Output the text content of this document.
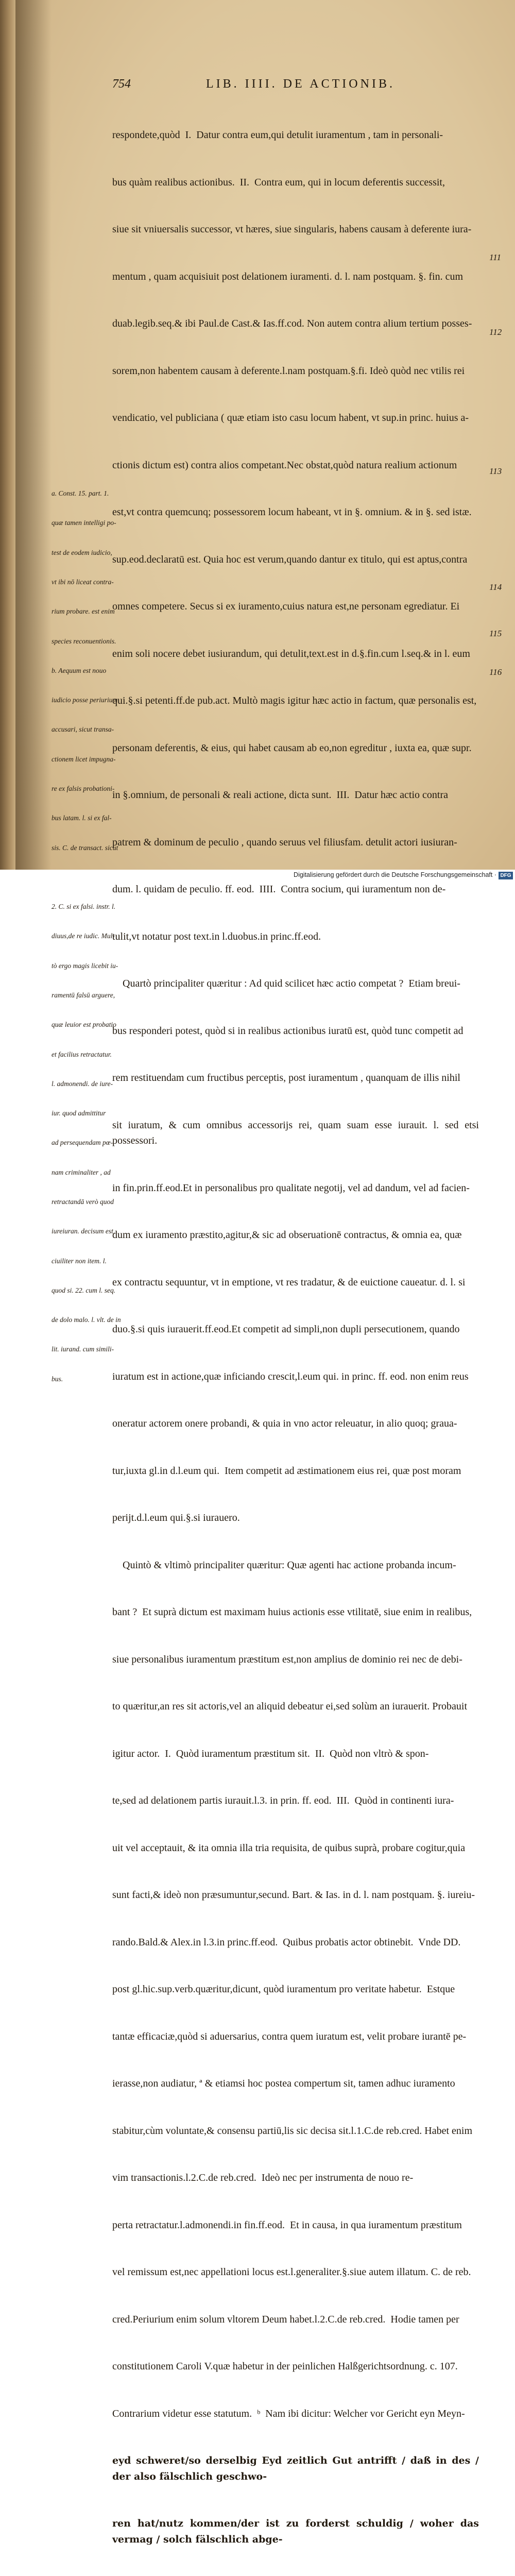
754	LIB. IIII. DE ACTIONIB.

respondete,quòd  I.  Datur contra eum,qui detulit iuramentum , tam in personali-

bus quàm realibus actionibus.  II.  Contra eum, qui in locum deferentis successit,

siue sit vniuersalis successor, vt hæres, siue singularis, habens causam à deferente iura-

mentum , quam acquisiuit post delationem iuramenti. d. l. nam postquam. §. fin. cum

duab.legib.seq.& ibi Paul.de Cast.& Ias.ff.cod. Non autem contra alium tertium posses-

sorem,non habentem causam à deferente.l.nam postquam.§.fi. Ideò quòd nec vtilis rei

vendicatio, vel publiciana ( quæ etiam isto casu locum habent, vt sup.in princ. huius a-

ctionis dictum est) contra alios competant.Nec obstat,quòd natura realium actionum

est,vt contra quemcunq; possessorem locum habeant, vt in §. omnium. & in §. sed istæ.

sup.eod.declaratū est. Quia hoc est verum,quando dantur ex titulo, qui est aptus,contra

omnes competere. Secus si ex iuramento,cuius natura est,ne personam egrediatur. Ei

enim soli nocere debet iusiurandum, qui detulit,text.est in d.§.fin.cum l.seq.& in l. eum

qui.§.si petenti.ff.de pub.act. Multò magis igitur hæc actio in factum, quæ personalis est,

personam deferentis, & eius, qui habet causam ab eo,non egreditur , iuxta ea, quæ supr.

in §.omnium, de personali & reali actione, dicta sunt.  III.  Datur hæc actio contra

patrem & dominum de peculio , quando seruus vel filiusfam. detulit actori iusiuran-

dum. l. quidam de peculio. ff. eod.  IIII.  Contra socium, qui iuramentum non de-

tulit,vt notatur post text.in l.duobus.in princ.ff.eod.

Quartò principaliter quæritur : Ad quid scilicet hæc actio competat ?  Etiam breui-

bus responderi potest, quòd si in realibus actionibus iuratū est, quòd tunc competit ad

rem restituendam cum fructibus perceptis, post iuramentum , quanquam de illis nihil

sit iuratum, & cum omnibus accessorijs rei, quam suam esse iurauit. l. sed etsi possessori.

in fin.prin.ff.eod.Et in personalibus pro qualitate negotij, vel ad dandum, vel ad facien-

dum ex iuramento præstito,agitur,& sic ad obseruationē contractus, & omnia ea, quæ

ex contractu sequuntur, vt in emptione, vt res tradatur, & de euictione caueatur. d. l. si

duo.§.si quis iurauerit.ff.eod.Et competit ad simpli,non dupli persecutionem, quando

iuratum est in actione,quæ inficiando crescit,l.eum qui. in princ. ff. eod. non enim reus

oneratur actorem onere probandi, & quia in vno actor releuatur, in alio quoq; graua-

tur,iuxta gl.in d.l.eum qui.  Item competit ad æstimationem eius rei, quæ post moram

perijt.d.l.eum qui.§.si iurauero.

Quintò & vltimò principaliter quæritur: Quæ agenti hac actione probanda incum-

bant ?  Et suprà dictum est maximam huius actionis esse vtilitatē, siue enim in realibus,

siue personalibus iuramentum præstitum est,non amplius de dominio rei nec de debi-

to quæritur,an res sit actoris,vel an aliquid debeatur ei,sed solùm an iurauerit. Probauit

igitur actor.  I.  Quòd iuramentum præstitum sit.  II.  Quòd non vltrò & spon-

te,sed ad delationem partis iurauit.l.3. in prin. ff. eod.  III.  Quòd in continenti iura-

uit vel acceptauit, & ita omnia illa tria requisita, de quibus suprà, probare cogitur,quia

sunt facti,& ideò non præsumuntur,secund. Bart. & Ias. in d. l. nam postquam. §. iureiu-

rando.Bald.& Alex.in l.3.in princ.ff.eod.  Quibus probatis actor obtinebit.  Vnde DD.

post gl.hic.sup.verb.quæritur,dicunt, quòd iuramentum pro veritate habetur.  Estque

tantæ efficaciæ,quòd si aduersarius, contra quem iuratum est, velit probare iurantē pe-

ierasse,non audiatur, ª & etiamsi hoc postea compertum sit, tamen adhuc iuramento

stabitur,cùm voluntate,& consensu partiū,lis sic decisa sit.l.1.C.de reb.cred. Habet enim

vim transactionis.l.2.C.de reb.cred.  Ideò nec per instrumenta de nouo re-

perta retractatur.l.admonendi.in fin.ff.eod.  Et in causa, in qua iuramentum præstitum

vel remissum est,nec appellationi locus est.l.generaliter.§.siue autem illatum. C. de reb.

cred.Periurium enim solum vltorem Deum habet.l.2.C.de reb.cred.  Hodie tamen per

constitutionem Caroli V.quæ habetur in der peinlichen Halßgerichtsordnung. c. 107.

Contrarium videtur esse statutum.  ᵇ  Nam ibi dicitur: Welcher vor Gericht eyn Meyn-

eyd schweret/so derselbig Eyd zeitlich Gut antrifft / daß in des / der also fälschlich geschwo-

ren hat/nutz kommen/der ist zu forderst schuldig / woher das vermag / solch fälschlich abge-

111
112
113
114
115
116

a. Const. 15. part. 1.

quæ tamen intelligi po-

test de eodem iudicio,

vt ibi nō liceat contra-

rium probare. est enim

species reconuentionis.

b. Aequum est nouo

iudicio posse periurium

accusari, sicut transa-

ctionem licet impugna-

re ex falsis probationi-

bus latam. l. si ex fal-

sis. C. de transact. sicut

2. C. si ex falsi. instr. l.

diuus,de re iudic. Mul-

tò ergo magis licebit iu-

ramentū falsū arguere,

quæ leuior est probatio

et facilius retractatur.

l. admonendi. de iure-

iur. quod admittitur

ad persequendam pœ-

nam criminaliter , ad

retractandā verò quod

iureiuran. decisum est,

ciuiliter non item. l.

quod si. 22. cum l. seq.

de dolo malo. l. vlt. de in

lit. iurand. cum simili-

bus.

Digitalisierung gefördert durch die Deutsche Forschungsgemeinschaft · DFG
